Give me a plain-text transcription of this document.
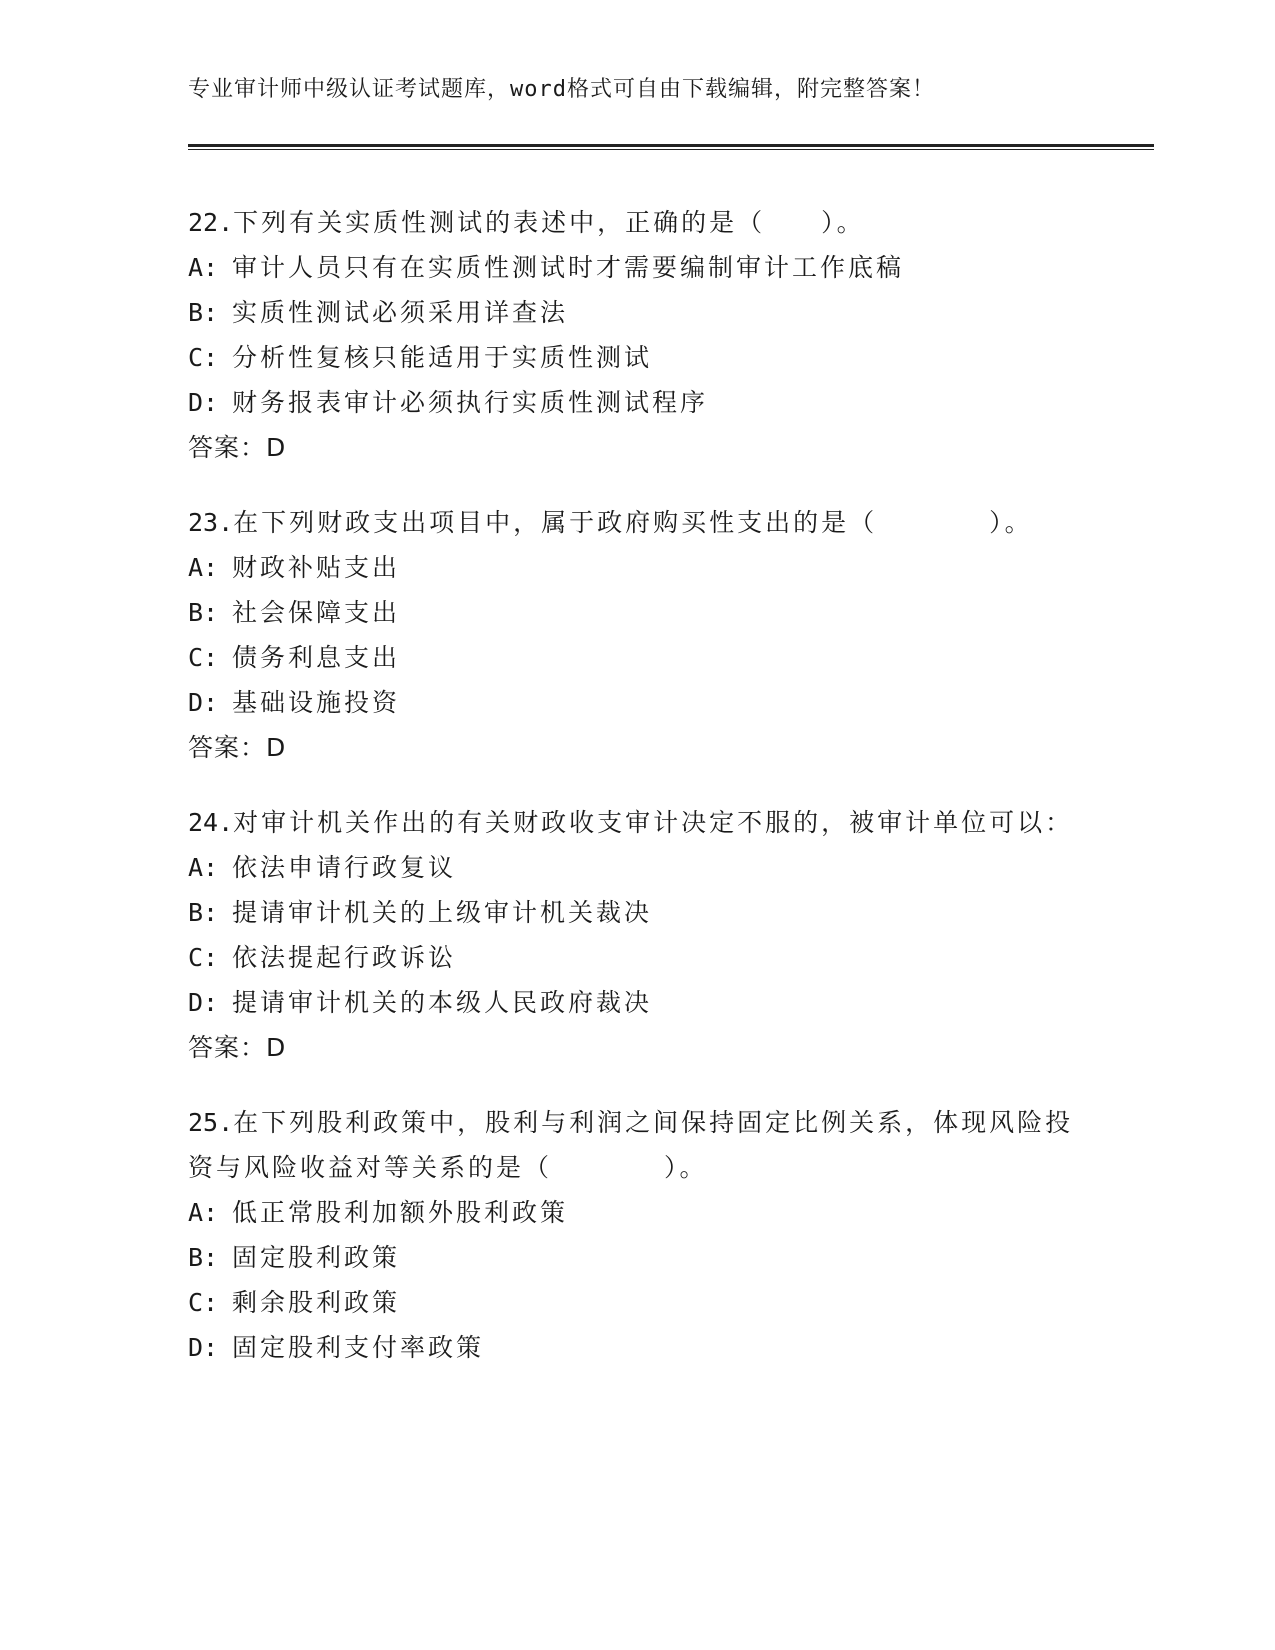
专业审计师中级认证考试题库，word格式可自由下载编辑，附完整答案！

22.下列有关实质性测试的表述中，正确的是（　　）。

A: 审计人员只有在实质性测试时才需要编制审计工作底稿

B: 实质性测试必须采用详查法

C: 分析性复核只能适用于实质性测试

D: 财务报表审计必须执行实质性测试程序

答案：D

23.在下列财政支出项目中，属于政府购买性支出的是（　　　　）。

A: 财政补贴支出

B: 社会保障支出

C: 债务利息支出

D: 基础设施投资

答案：D

24.对审计机关作出的有关财政收支审计决定不服的，被审计单位可以：

A: 依法申请行政复议

B: 提请审计机关的上级审计机关裁决

C: 依法提起行政诉讼

D: 提请审计机关的本级人民政府裁决

答案：D

25.在下列股利政策中，股利与利润之间保持固定比例关系，体现风险投资与风险收益对等关系的是（　　　　）。

A: 低正常股利加额外股利政策

B: 固定股利政策

C: 剩余股利政策

D: 固定股利支付率政策
